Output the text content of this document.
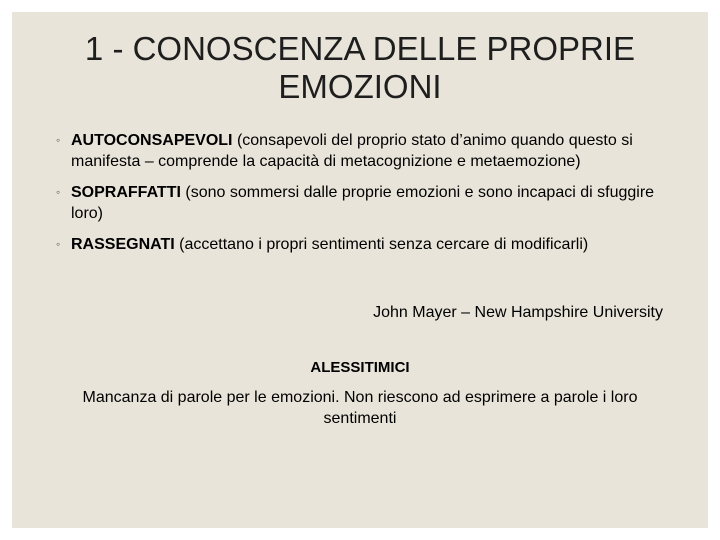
1 - CONOSCENZA DELLE PROPRIE
EMOZIONI
◦ AUTOCONSAPEVOLI (consapevoli del proprio stato d’animo quando questo si manifesta – comprende la capacità di metacognizione e metaemozione)
◦ SOPRAFFATTI (sono sommersi dalle proprie emozioni e sono incapaci di sfuggire loro)
◦ RASSEGNATI (accettano i propri sentimenti senza cercare di modificarli)
John Mayer – New Hampshire University
ALESSITIMICI
Mancanza di parole per le emozioni. Non riescono ad esprimere a parole i loro sentimenti
